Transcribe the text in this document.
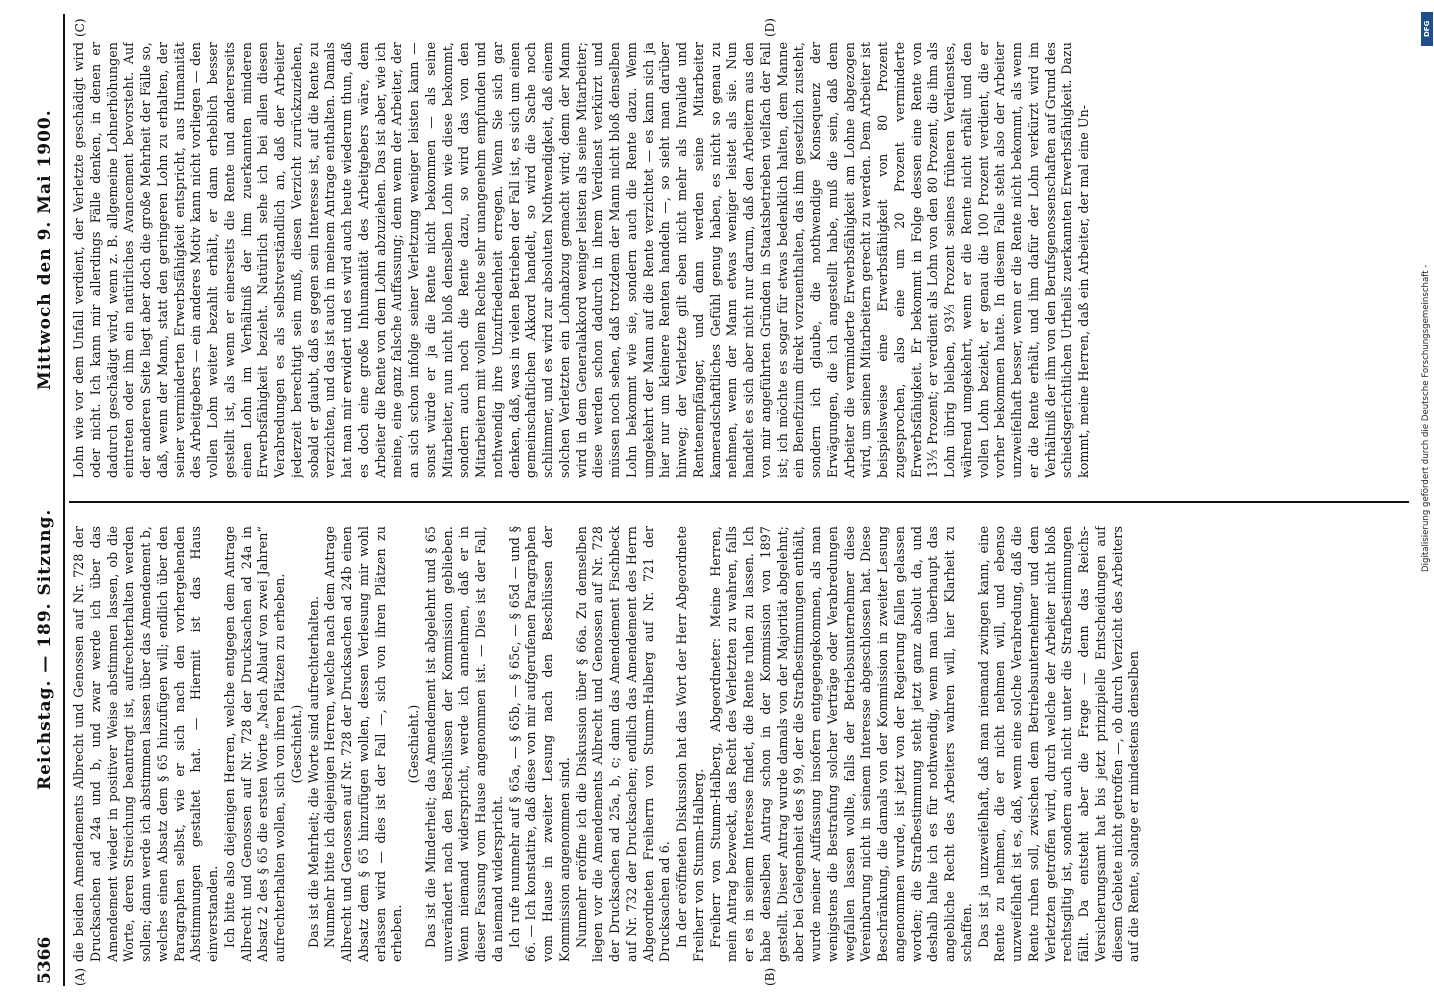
5366
Reichstag. — 189. Sitzung.
Mittwoch den 9. Mai 1900.
(A)	(B)
(C)	(D)

die beiden Amendements Albrecht und Genossen auf Nr. 728 der Drucksachen ad 24a und b, und zwar werde ich über das Amendement wieder in positiver Weise abstimmen lassen, ob die Worte, deren Streichung beantragt ist, aufrechterhalten werden sollen; dann werde ich abstimmen lassen über das Amendement b, welches einen Absatz dem § 65 hinzufügen will; endlich über den Paragraphen selbst, wie er sich nach den vorhergehenden Abstimmungen gestaltet hat. — Hiermit ist das Haus einverstanden. Ich bitte also diejenigen Herren, welche entgegen dem Antrage Albrecht und Genossen auf Nr. 728 der Drucksachen ad 24a in Absatz 2 des § 65 die ersten Worte „Nach Ablauf von zwei Jahren“ aufrechterhalten wollen, sich von ihren Plätzen zu erheben. (Geschieht.) Das ist die Mehrheit; die Worte sind aufrechterhalten. Nunmehr bitte ich diejenigen Herren, welche nach dem Antrage Albrecht und Genossen auf Nr. 728 der Drucksachen ad 24b einen Absatz dem § 65 hinzufügen wollen, dessen Verlesung mir wohl erlassen wird — dies ist der Fall —, sich von ihren Plätzen zu erheben.

(Geschieht.) Das ist die Minderheit; das Amendement ist abgelehnt und § 65 unverändert nach den Beschlüssen der Kommission geblieben. Wenn niemand widerspricht, werde ich annehmen, daß er in dieser Fassung vom Hause angenommen ist. — Dies ist der Fall, da niemand widerspricht. Ich rufe nunmehr auf § 65a, — § 65b, — § 65c, — § 65d — und § 66. — Ich konstatire, daß diese von mir aufgerufenen Paragraphen vom Hause in zweiter Lesung nach den Beschlüssen der Kommission angenommen sind. Nunmehr eröffne ich die Diskussion über § 66a. Zu demselben liegen vor die Amendements Albrecht und Genossen auf Nr. 728 der Drucksachen ad 25a, b, c; dann das Amendement Fischbeck auf Nr. 732 der Drucksachen; endlich das Amendement des Herrn Abgeordneten Freiherrn von Stumm-Halberg auf Nr. 721 der Drucksachen ad 6. In der eröffneten Diskussion hat das Wort der Herr Abgeordnete Freiherr von Stumm-Halberg. Freiherr von Stumm-Halberg, Abgeordneter: Meine Herren, mein Antrag bezweckt, das Recht des Verletzten zu wahren, falls er es in seinem Interesse findet, die Rente ruhen zu lassen. Ich habe denselben Antrag schon in der Kommission von 1897 gestellt. Dieser Antrag wurde damals von der Majorität abgelehnt; aber bei Gelegenheit des § 99, der die Strafbestimmungen enthält, wurde meiner Auffassung insofern entgegengekommen, als man wenigstens die Bestrafung solcher Verträge oder Verabredungen wegfallen lassen wollte, falls der Betriebsunternehmer diese Vereinbarung nicht in seinem Interesse abgeschlossen hat. Diese Beschränkung, die damals von der Kommission in zweiter Lesung angenommen wurde, ist jetzt von der Regierung fallen gelassen worden; die Strafbestimmung steht jetzt ganz absolut da, und deshalb halte ich es für nothwendig, wenn man überhaupt das angebliche Recht des Arbeiters wahren will, hier Klarheit zu schaffen. Das ist ja unzweifelhaft, daß man niemand zwingen kann, eine Rente zu nehmen, die er nicht nehmen will, und ebenso unzweifelhaft ist es, daß, wenn eine solche Verabredung, daß die Rente ruhen soll, zwischen dem Betriebsunternehmer und dem Verletzten getroffen wird, durch welche der Arbeiter nicht bloß rechtsgiltig ist, sondern auch nicht unter die Strafbestimmungen fällt. Da entsteht aber die Frage — denn das Reichs-Versicherungsamt hat bis jetzt prinzipielle Entscheidungen auf diesem Gebiete nicht getroffen —, ob durch Verzicht des Arbeiters auf die Rente, solange er mindestens denselben

Lohn wie vor dem Unfall verdient, der Verletzte geschädigt wird oder nicht. Ich kann mir allerdings Fälle denken, in denen er dadurch geschädigt wird, wenn z. B. allgemeine Lohnerhöhungen eintreten oder ihm ein natürliches Avancement bevorsteht. Auf der anderen Seite liegt aber doch die große Mehrheit der Fälle so, daß, wenn der Mann, statt den geringeren Lohn zu erhalten, der seiner verminderten Erwerbsfähigkeit entspricht, aus Humanität des Arbeitgebers — ein anderes Motiv kann nicht vorliegen — den vollen Lohn weiter bezahlt erhält, er dann erheblich besser gestellt ist, als wenn er einerseits die Rente und andererseits einen Lohn im Verhältniß der ihm zuerkannten minderen Erwerbsfähigkeit bezieht. Natürlich sehe ich bei allen diesen Verabredungen es als selbstverständlich an, daß der Arbeiter jederzeit berechtigt sein muß, diesen Verzicht zurückzuziehen, sobald er glaubt, daß es gegen sein Interesse ist, auf die Rente zu verzichten, und das ist auch in meinem Antrage enthalten. Damals hat man mir erwidert und es wird auch heute wiederum thun, daß es doch eine große Inhumanität des Arbeitgebers wäre, dem Arbeiter die Rente von dem Lohn abzuziehen. Das ist aber, wie ich meine, eine ganz falsche Auffassung; denn wenn der Arbeiter, der an sich schon infolge seiner Verletzung weniger leisten kann — sonst würde er ja die Rente nicht bekommen — als seine Mitarbeiter, nun nicht bloß denselben Lohn wie diese bekommt, sondern auch noch die Rente dazu, so wird das von den Mitarbeitern mit vollem Rechte sehr unangenehm empfunden und nothwendig ihre Unzufriedenheit erregen. Wenn Sie sich gar denken, daß, was in vielen Betrieben der Fall ist, es sich um einen gemeinschaftlichen Akkord handelt, so wird die Sache noch schlimmer, und es wird zur absoluten Nothwendigkeit, daß einem solchen Verletzten ein Lohnabzug gemacht wird; denn der Mann wird in dem Generalakkord weniger leisten als seine Mitarbeiter; diese werden schon dadurch in ihrem Verdienst verkürzt und müssen noch sehen, daß trotzdem der Mann nicht bloß denselben Lohn bekommt wie sie, sondern auch die Rente dazu. Wenn umgekehrt der Mann auf die Rente verzichtet — es kann sich ja hier nur um kleinere Renten handeln —, so sieht man darüber hinweg; der Verletzte gilt eben nicht mehr als Invalide und Rentenempfänger, und dann werden seine Mitarbeiter kameradschaftliches Gefühl genug haben, es nicht so genau zu nehmen, wenn der Mann etwas weniger leistet als sie. Nun handelt es sich aber nicht nur darum, daß den Arbeitern aus den von mir angeführten Gründen in Staatsbetrieben vielfach der Fall ist; ich möchte es sogar für etwas bedenklich halten, dem Manne ein Benefizium direkt vorzuenthalten, das ihm gesetzlich zusteht, sondern ich glaube, die nothwendige Konsequenz der Erwägungen, die ich angestellt habe, muß die sein, daß dem Arbeiter die verminderte Erwerbsfähigkeit am Lohne abgezogen wird, um seinen Mitarbeitern gerecht zu werden. Dem Arbeiter ist beispielsweise eine Erwerbsfähigkeit von 80 Prozent zugesprochen, also eine um 20 Prozent verminderte Erwerbsfähigkeit. Er bekommt in Folge dessen eine Rente von 13⅓ Prozent; er verdient als Lohn von den 80 Prozent, die ihm als Lohn übrig bleiben, 93⅓ Prozent seines früheren Verdienstes, während umgekehrt, wenn er die Rente nicht erhält und den vollen Lohn bezieht, er genau die 100 Prozent verdient, die er vorher bekommen hatte. In diesem Falle steht also der Arbeiter unzweifelhaft besser, wenn er die Rente nicht bekommt, als wenn er die Rente erhält, und ihm dafür der Lohn verkürzt wird im Verhältniß der ihm von den Berufsgenossenschaften auf Grund des schiedsgerichtlichen Urtheils zuerkannten Erwerbsfähigkeit. Dazu kommt, meine Herren, daß ein Arbeiter, der mal eine Un-

DFG
Digitalisierung gefördert durch die Deutsche Forschungsgemeinschaft -
